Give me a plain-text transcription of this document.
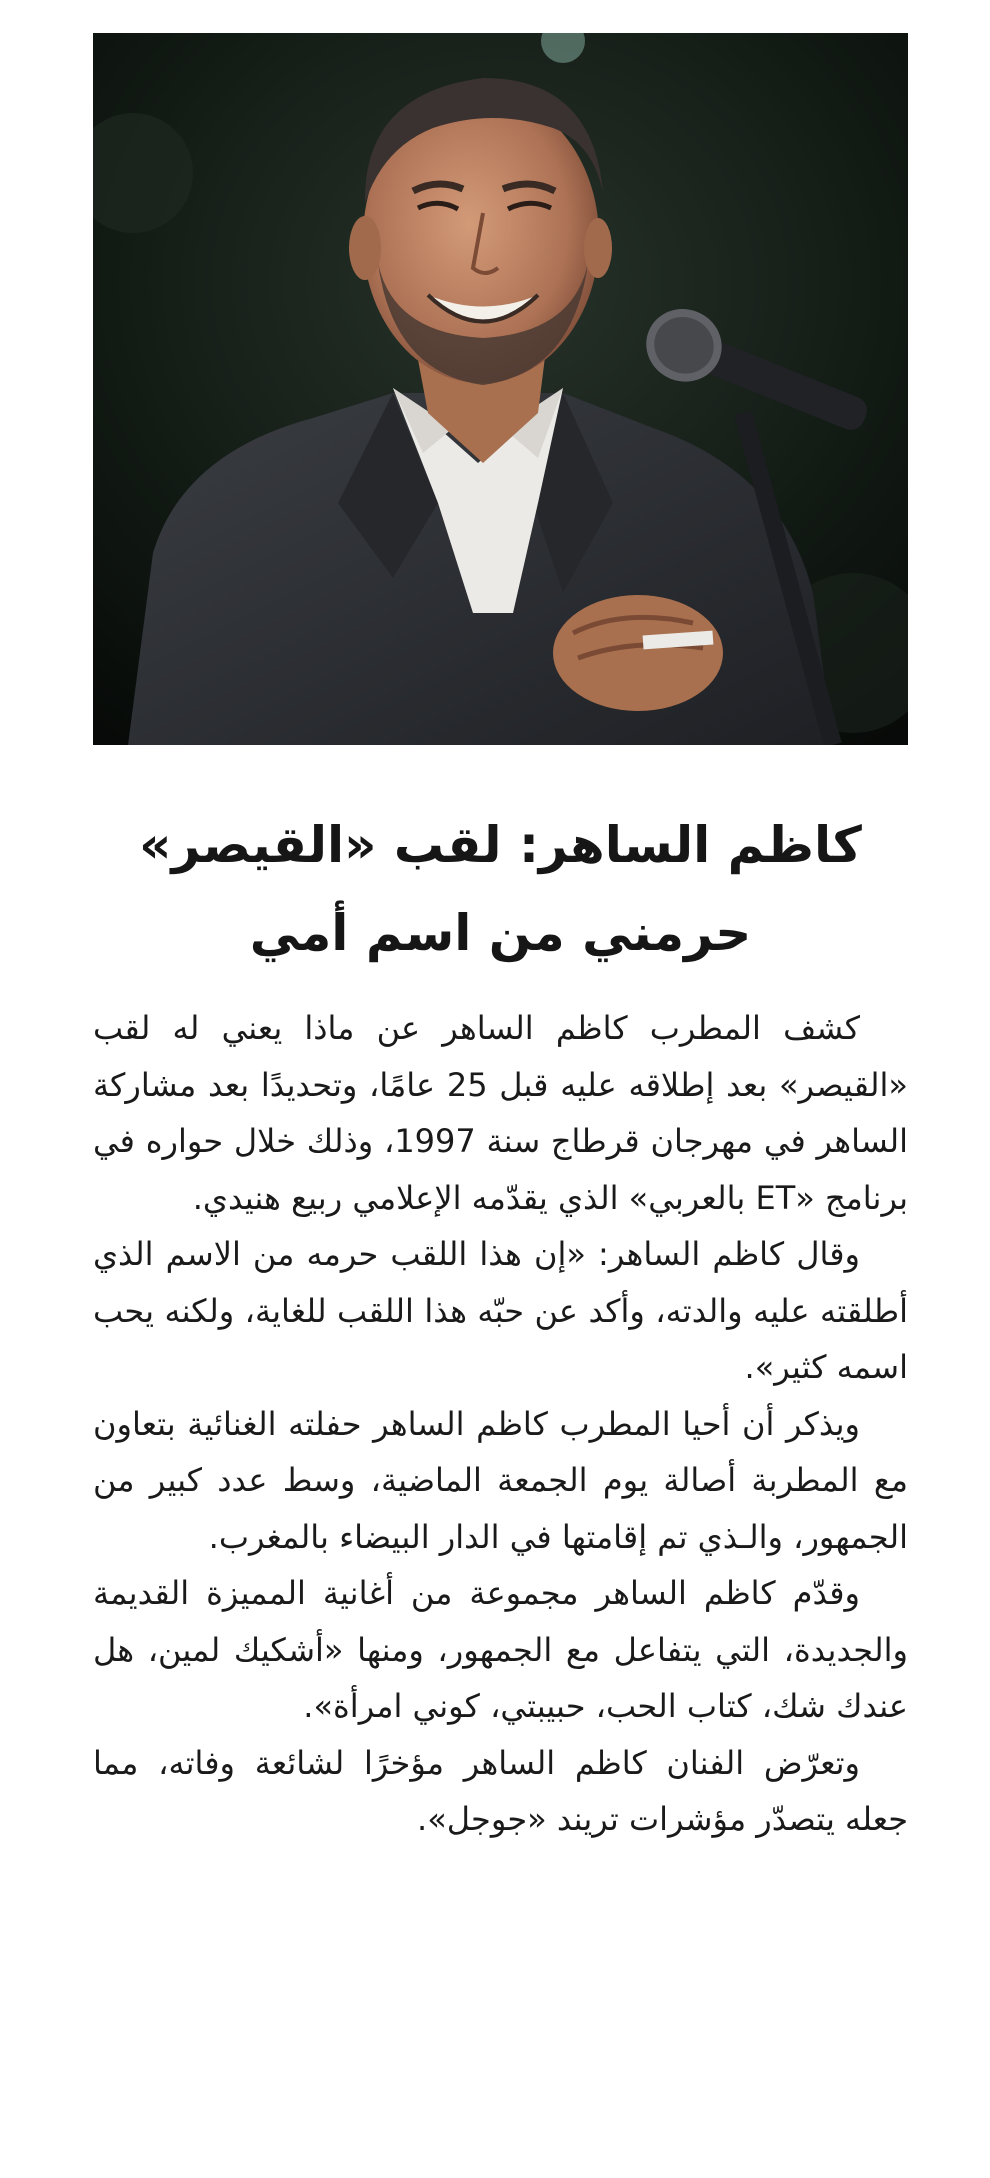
كاظم الساهر: لقب «القيصر»
حرمني من اسم أمي

كشف المطرب كاظم الساهر عن ماذا يعني له لقب «القيصر» بعد إطلاقه عليه قبل 25 عامًا، وتحديدًا بعد مشاركة الساهر في مهرجان قرطاج سنة 1997، وذلك خلال حواره في برنامج «ET بالعربي» الذي يقدّمه الإعلامي ربيع هنيدي.

وقال كاظم الساهر: «إن هذا اللقب حرمه من الاسم الذي أطلقته عليه والدته، وأكد عن حبّه هذا اللقب للغاية، ولكنه يحب اسمه كثير».

ويذكر أن أحيا المطرب كاظم الساهر حفلته الغنائية بتعاون مع المطربة أصالة يوم الجمعة الماضية، وسط عدد كبير من الجمهور، والـذي تم إقامتها في الدار البيضاء بالمغرب.

وقدّم كاظم الساهر مجموعة من أغانية المميزة القديمة والجديدة، التي يتفاعل مع الجمهور، ومنها «أشكيك لمين، هل عندك شك، كتاب الحب، حبيبتي، كوني امرأة».

وتعرّض الفنان كاظم الساهر مؤخرًا لشائعة وفاته، مما جعله يتصدّر مؤشرات تريند «جوجل».
